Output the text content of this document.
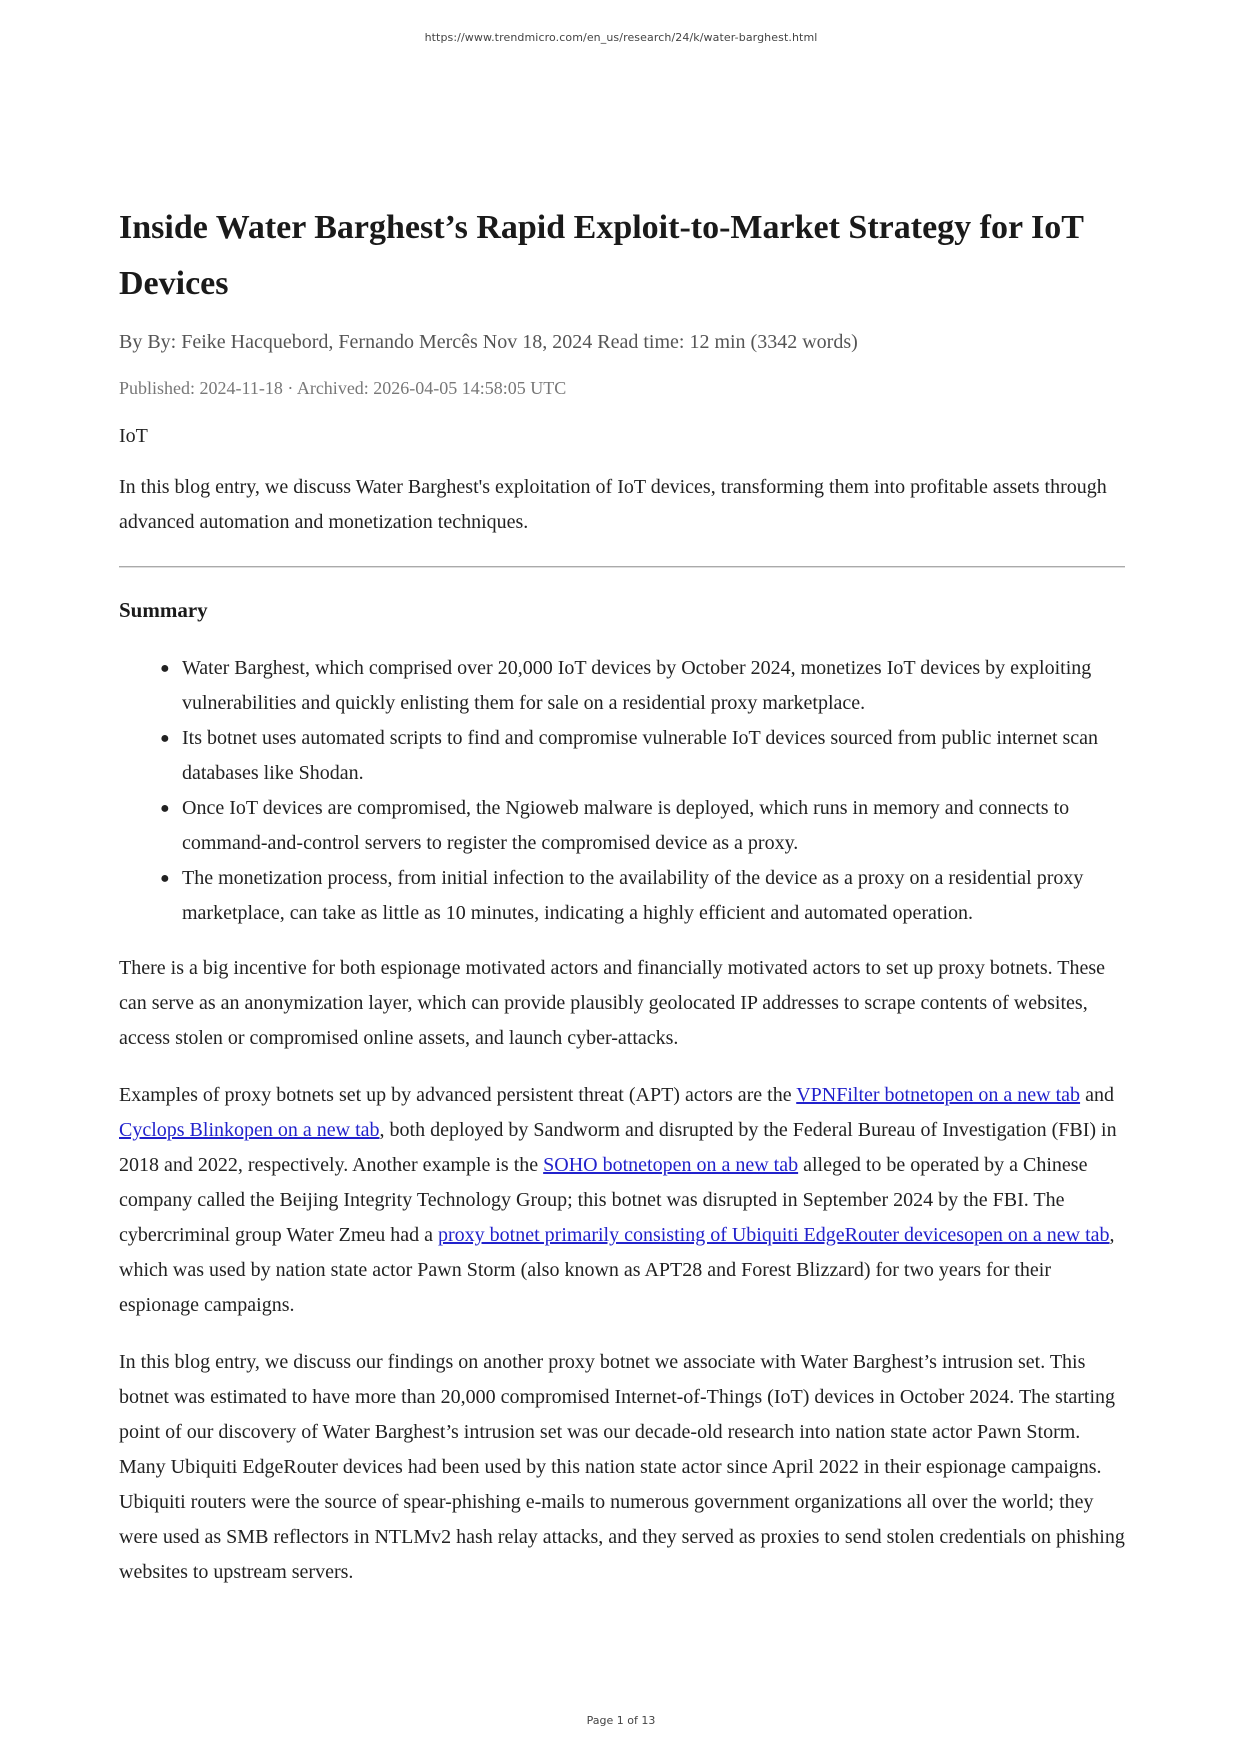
https://www.trendmicro.com/en_us/research/24/k/water-barghest.html
Inside Water Barghest’s Rapid Exploit-to-Market Strategy for IoT Devices
By By: Feike Hacquebord, Fernando Mercês Nov 18, 2024 Read time: 12 min (3342 words)
Published: 2024-11-18 · Archived: 2026-04-05 14:58:05 UTC
IoT

In this blog entry, we discuss Water Barghest's exploitation of IoT devices, transforming them into profitable assets through advanced automation and monetization techniques.

Summary
● Water Barghest, which comprised over 20,000 IoT devices by October 2024, monetizes IoT devices by exploiting vulnerabilities and quickly enlisting them for sale on a residential proxy marketplace.
● Its botnet uses automated scripts to find and compromise vulnerable IoT devices sourced from public internet scan databases like Shodan.
● Once IoT devices are compromised, the Ngioweb malware is deployed, which runs in memory and connects to command-and-control servers to register the compromised device as a proxy.
● The monetization process, from initial infection to the availability of the device as a proxy on a residential proxy marketplace, can take as little as 10 minutes, indicating a highly efficient and automated operation.

There is a big incentive for both espionage motivated actors and financially motivated actors to set up proxy botnets. These can serve as an anonymization layer, which can provide plausibly geolocated IP addresses to scrape contents of websites, access stolen or compromised online assets, and launch cyber-attacks.

Examples of proxy botnets set up by advanced persistent threat (APT) actors are the VPNFilter botnetopen on a new tab and Cyclops Blinkopen on a new tab, both deployed by Sandworm and disrupted by the Federal Bureau of Investigation (FBI) in 2018 and 2022, respectively. Another example is the SOHO botnetopen on a new tab alleged to be operated by a Chinese company called the Beijing Integrity Technology Group; this botnet was disrupted in September 2024 by the FBI. The cybercriminal group Water Zmeu had a proxy botnet primarily consisting of Ubiquiti EdgeRouter devicesopen on a new tab, which was used by nation state actor Pawn Storm (also known as APT28 and Forest Blizzard) for two years for their espionage campaigns.

In this blog entry, we discuss our findings on another proxy botnet we associate with Water Barghest’s intrusion set. This botnet was estimated to have more than 20,000 compromised Internet-of-Things (IoT) devices in October 2024. The starting point of our discovery of Water Barghest’s intrusion set was our decade-old research into nation state actor Pawn Storm. Many Ubiquiti EdgeRouter devices had been used by this nation state actor since April 2022 in their espionage campaigns. Ubiquiti routers were the source of spear-phishing e-mails to numerous government organizations all over the world; they were used as SMB reflectors in NTLMv2 hash relay attacks, and they served as proxies to send stolen credentials on phishing websites to upstream servers.

Page 1 of 13
